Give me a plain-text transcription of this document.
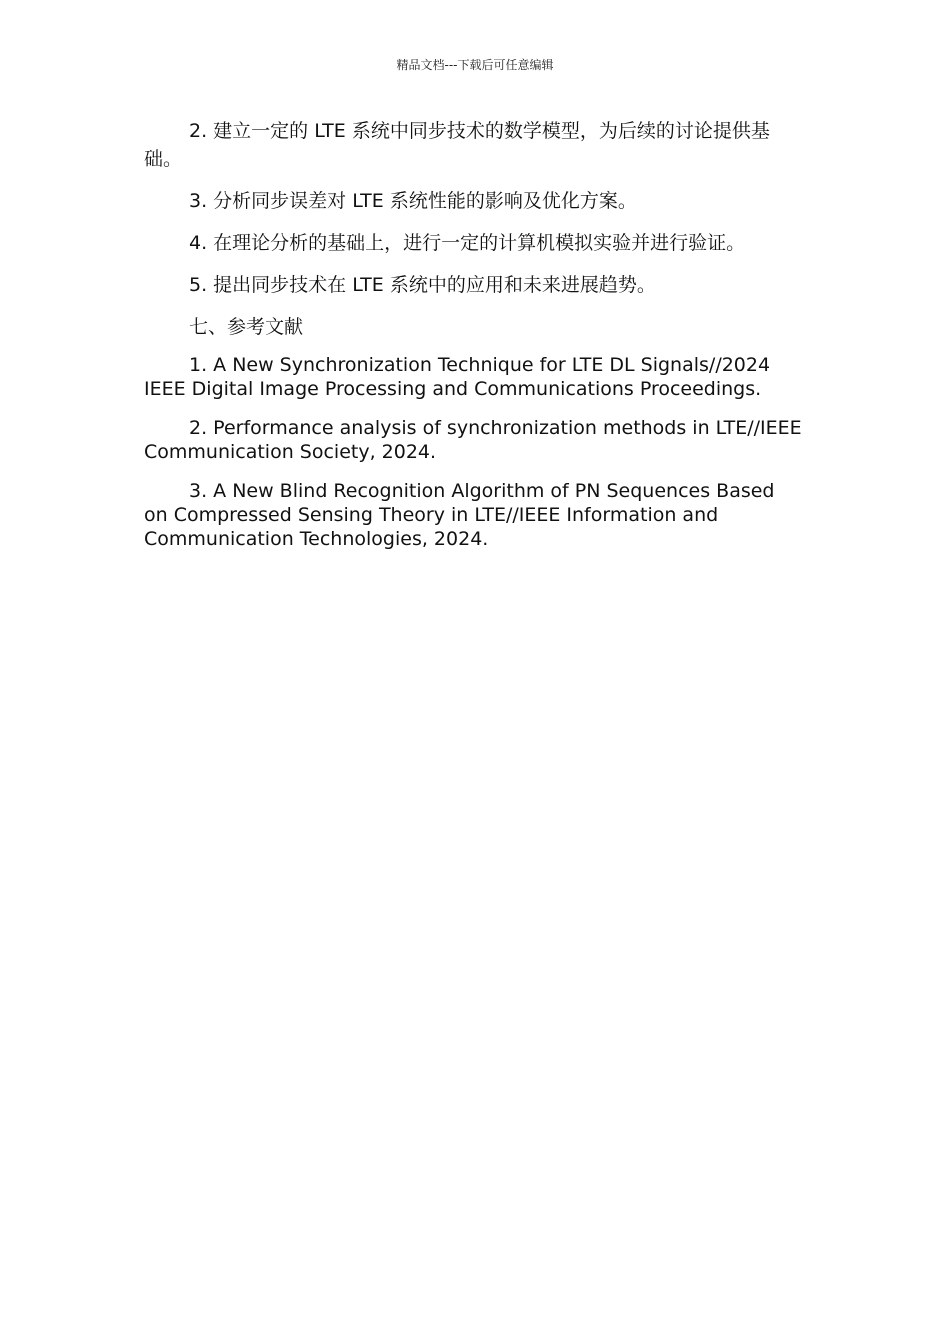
精品文档---下载后可任意编辑

2. 建立一定的 LTE 系统中同步技术的数学模型，为后续的讨论提供基础。

3. 分析同步误差对 LTE 系统性能的影响及优化方案。

4. 在理论分析的基础上，进行一定的计算机模拟实验并进行验证。

5. 提出同步技术在 LTE 系统中的应用和未来进展趋势。

七、参考文献

1. A New Synchronization Technique for LTE DL Signals//2024 IEEE Digital Image Processing and Communications Proceedings.

2. Performance analysis of synchronization methods in LTE//IEEE Communication Society, 2024.

3. A New Blind Recognition Algorithm of PN Sequences Based on Compressed Sensing Theory in LTE//IEEE Information and Communication Technologies, 2024.
